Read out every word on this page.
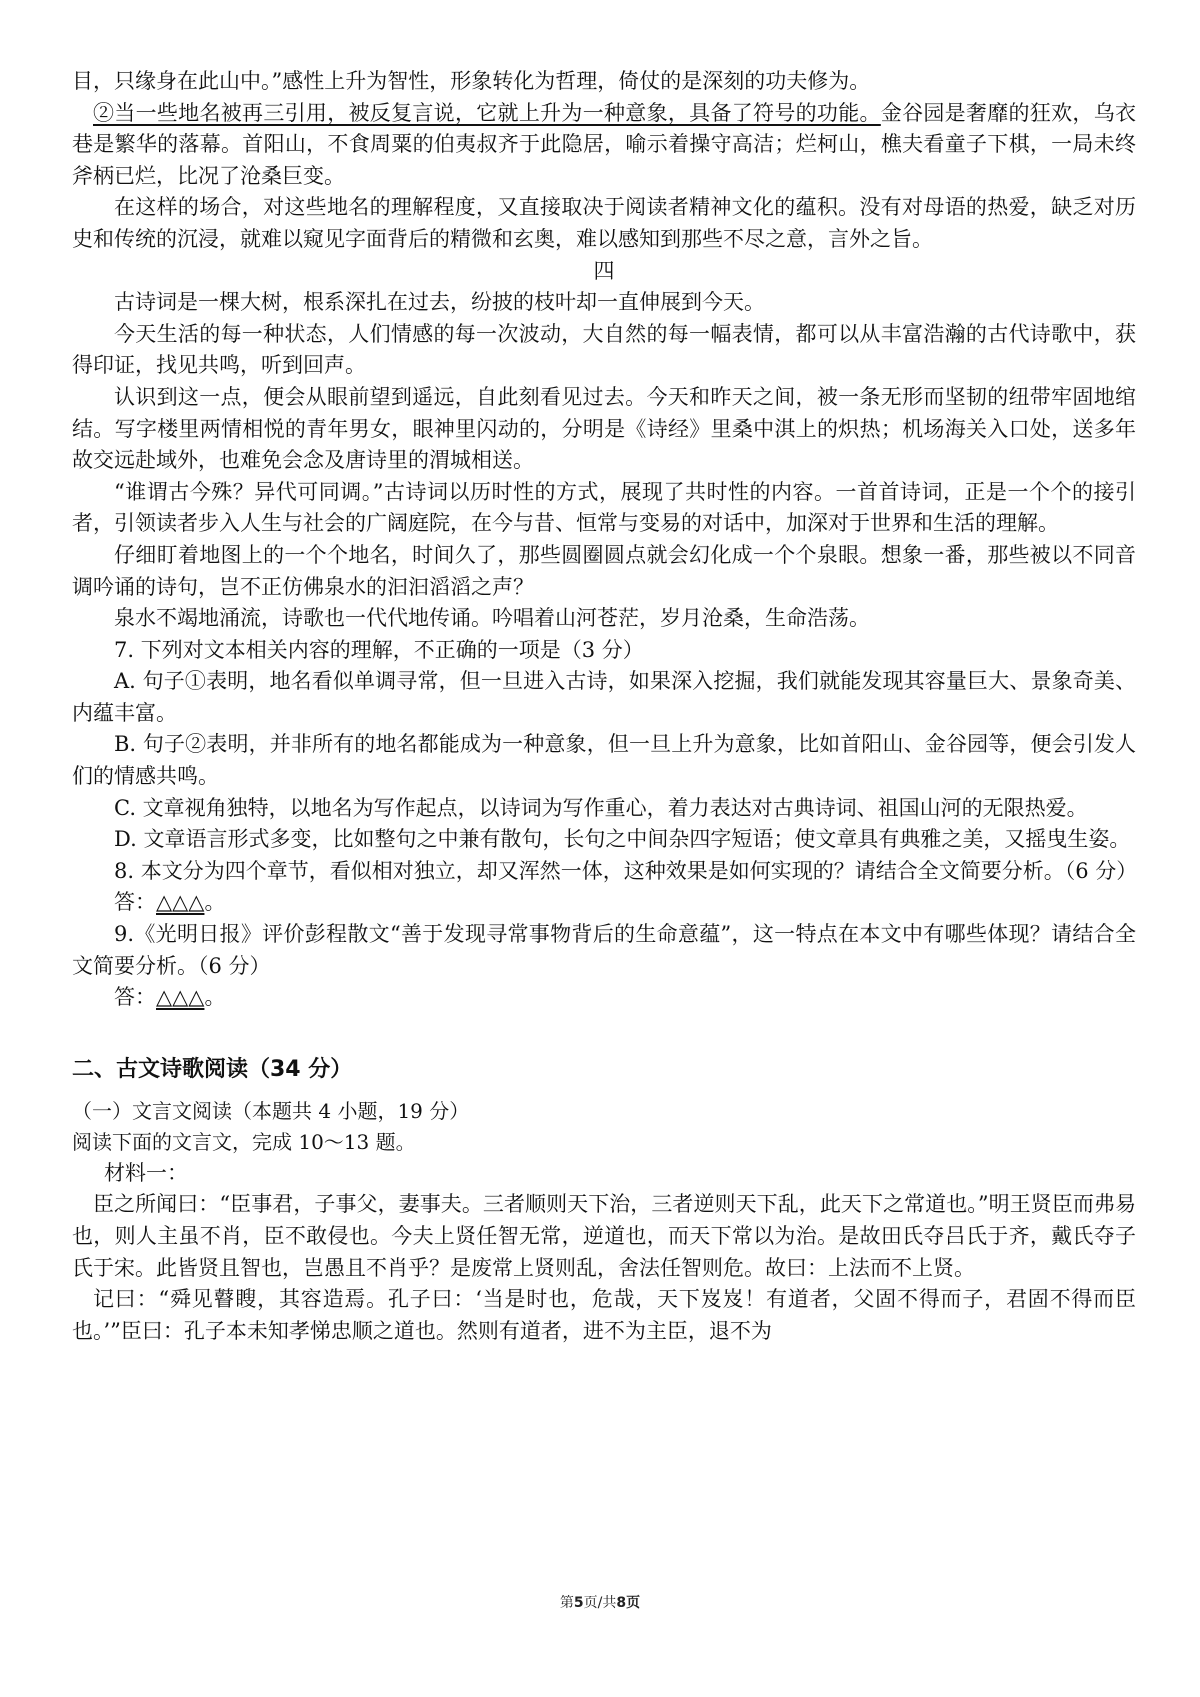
目，只缘身在此山中。”感性上升为智性，形象转化为哲理，倚仗的是深刻的功夫修为。

②当一些地名被再三引用，被反复言说，它就上升为一种意象，具备了符号的功能。金谷园是奢靡的狂欢，乌衣巷是繁华的落幕。首阳山，不食周粟的伯夷叔齐于此隐居，喻示着操守高洁；烂柯山，樵夫看童子下棋，一局未终斧柄已烂，比况了沧桑巨变。

在这样的场合，对这些地名的理解程度，又直接取决于阅读者精神文化的蕴积。没有对母语的热爱，缺乏对历史和传统的沉浸，就难以窥见字面背后的精微和玄奥，难以感知到那些不尽之意，言外之旨。

四

古诗词是一棵大树，根系深扎在过去，纷披的枝叶却一直伸展到今天。

今天生活的每一种状态，人们情感的每一次波动，大自然的每一幅表情，都可以从丰富浩瀚的古代诗歌中，获得印证，找见共鸣，听到回声。

认识到这一点，便会从眼前望到遥远，自此刻看见过去。今天和昨天之间，被一条无形而坚韧的纽带牢固地绾结。写字楼里两情相悦的青年男女，眼神里闪动的，分明是《诗经》里桑中淇上的炽热；机场海关入口处，送多年故交远赴域外，也难免会念及唐诗里的渭城相送。

“谁谓古今殊？异代可同调。”古诗词以历时性的方式，展现了共时性的内容。一首首诗词，正是一个个的接引者，引领读者步入人生与社会的广阔庭院，在今与昔、恒常与变易的对话中，加深对于世界和生活的理解。

仔细盯着地图上的一个个地名，时间久了，那些圆圈圆点就会幻化成一个个泉眼。想象一番，那些被以不同音调吟诵的诗句，岂不正仿佛泉水的汩汩滔滔之声？

泉水不竭地涌流，诗歌也一代代地传诵。吟唱着山河苍茫，岁月沧桑，生命浩荡。

7. 下列对文本相关内容的理解，不正确的一项是（3 分）

A. 句子①表明，地名看似单调寻常，但一旦进入古诗，如果深入挖掘，我们就能发现其容量巨大、景象奇美、内蕴丰富。

B. 句子②表明，并非所有的地名都能成为一种意象，但一旦上升为意象，比如首阳山、金谷园等，便会引发人们的情感共鸣。

C. 文章视角独特，以地名为写作起点，以诗词为写作重心，着力表达对古典诗词、祖国山河的无限热爱。

D. 文章语言形式多变，比如整句之中兼有散句，长句之中间杂四字短语；使文章具有典雅之美，又摇曳生姿。

8. 本文分为四个章节，看似相对独立，却又浑然一体，这种效果是如何实现的？请结合全文简要分析。（6 分）

答：△△△。

9.《光明日报》评价彭程散文“善于发现寻常事物背后的生命意蕴”，这一特点在本文中有哪些体现？请结合全文简要分析。（6 分）

答：△△△。

二、古文诗歌阅读（34 分）

（一）文言文阅读（本题共 4 小题，19 分）

阅读下面的文言文，完成 10～13 题。

材料一：

臣之所闻曰：“臣事君，子事父，妻事夫。三者顺则天下治，三者逆则天下乱，此天下之常道也。”明王贤臣而弗易也，则人主虽不肖，臣不敢侵也。今夫上贤任智无常，逆道也，而天下常以为治。是故田氏夺吕氏于齐，戴氏夺子氏于宋。此皆贤且智也，岂愚且不肖乎？是废常上贤则乱，舍法任智则危。故曰：上法而不上贤。

记曰：“舜见瞽瞍，其容造焉。孔子曰：‘当是时也，危哉，天下岌岌！有道者，父固不得而子，君固不得而臣也。’”臣曰：孔子本未知孝悌忠顺之道也。然则有道者，进不为主臣，退不为

第5页/共8页
